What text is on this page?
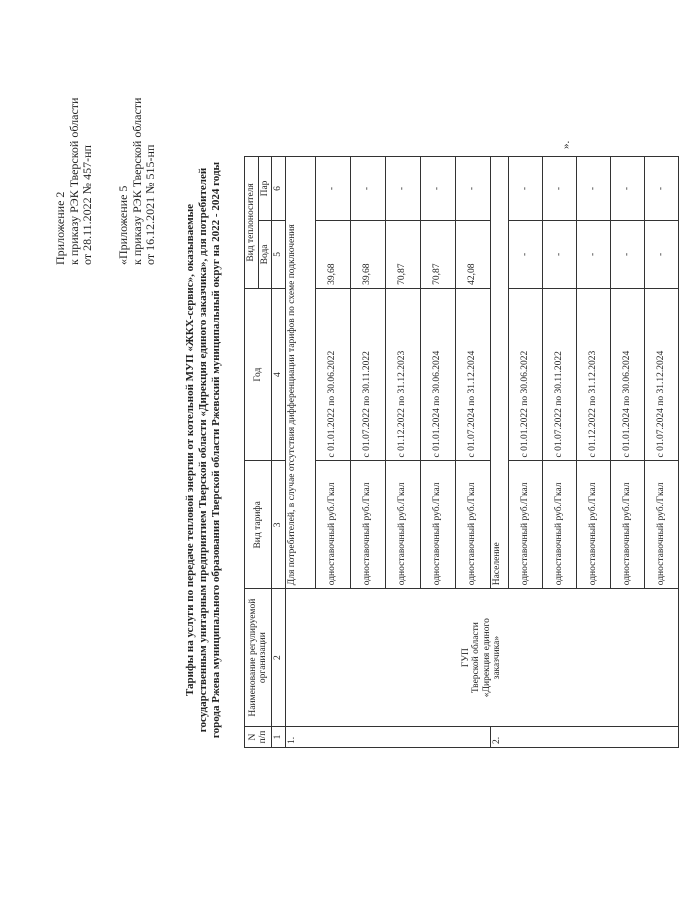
Приложение 2 к приказу РЭК Тверской области от 28.11.2022 № 457-нп «Приложение 5 к приказу РЭК Тверской области от 16.12.2021 № 515-нп Тарифы на услуги по передаче тепловой энергии от котельной МУП «ЖКХ-сервис», оказываемые государственным унитарным предприятием Тверской области «Дирекция единого заказчика», для потребителей города Ржева муниципального образования Тверской области Ржевский муниципальный округ на 2022 - 2024 годы	N п/п	Наименование регулируемой организации	Вид тарифа	Год	Вид теплоносителя	
				Вода	Пар
1	2	3	4	5	6
1.	ГУП Тверской области «Дирекция единого заказчика»	Для потребителей, в случае отсутствия дифференциации тарифов по схеме подключения			
		одноставочный руб./Гкал	с 01.01.2022 по 30.06.2022	39,68	-
		одноставочный руб./Гкал	с 01.07.2022 по 30.11.2022	39,68	-
		одноставочный руб./Гкал	с 01.12.2022 по 31.12.2023	70,87	-
		одноставочный руб./Гкал	с 01.01.2024 по 30.06.2024	70,87	-
		одноставочный руб./Гкал	с 01.07.2024 по 31.12.2024	42,08	-
2.		Население			
		одноставочный руб./Гкал	с 01.01.2022 по 30.06.2022	-	-
		одноставочный руб./Гкал	с 01.07.2022 по 30.11.2022	-	-
		одноставочный руб./Гкал	с 01.12.2022 по 31.12.2023	-	-
		одноставочный руб./Гкал	с 01.01.2024 по 30.06.2024	-	-
		одноставочный руб./Гкал	с 01.07.2024 по 31.12.2024	-	-
».
